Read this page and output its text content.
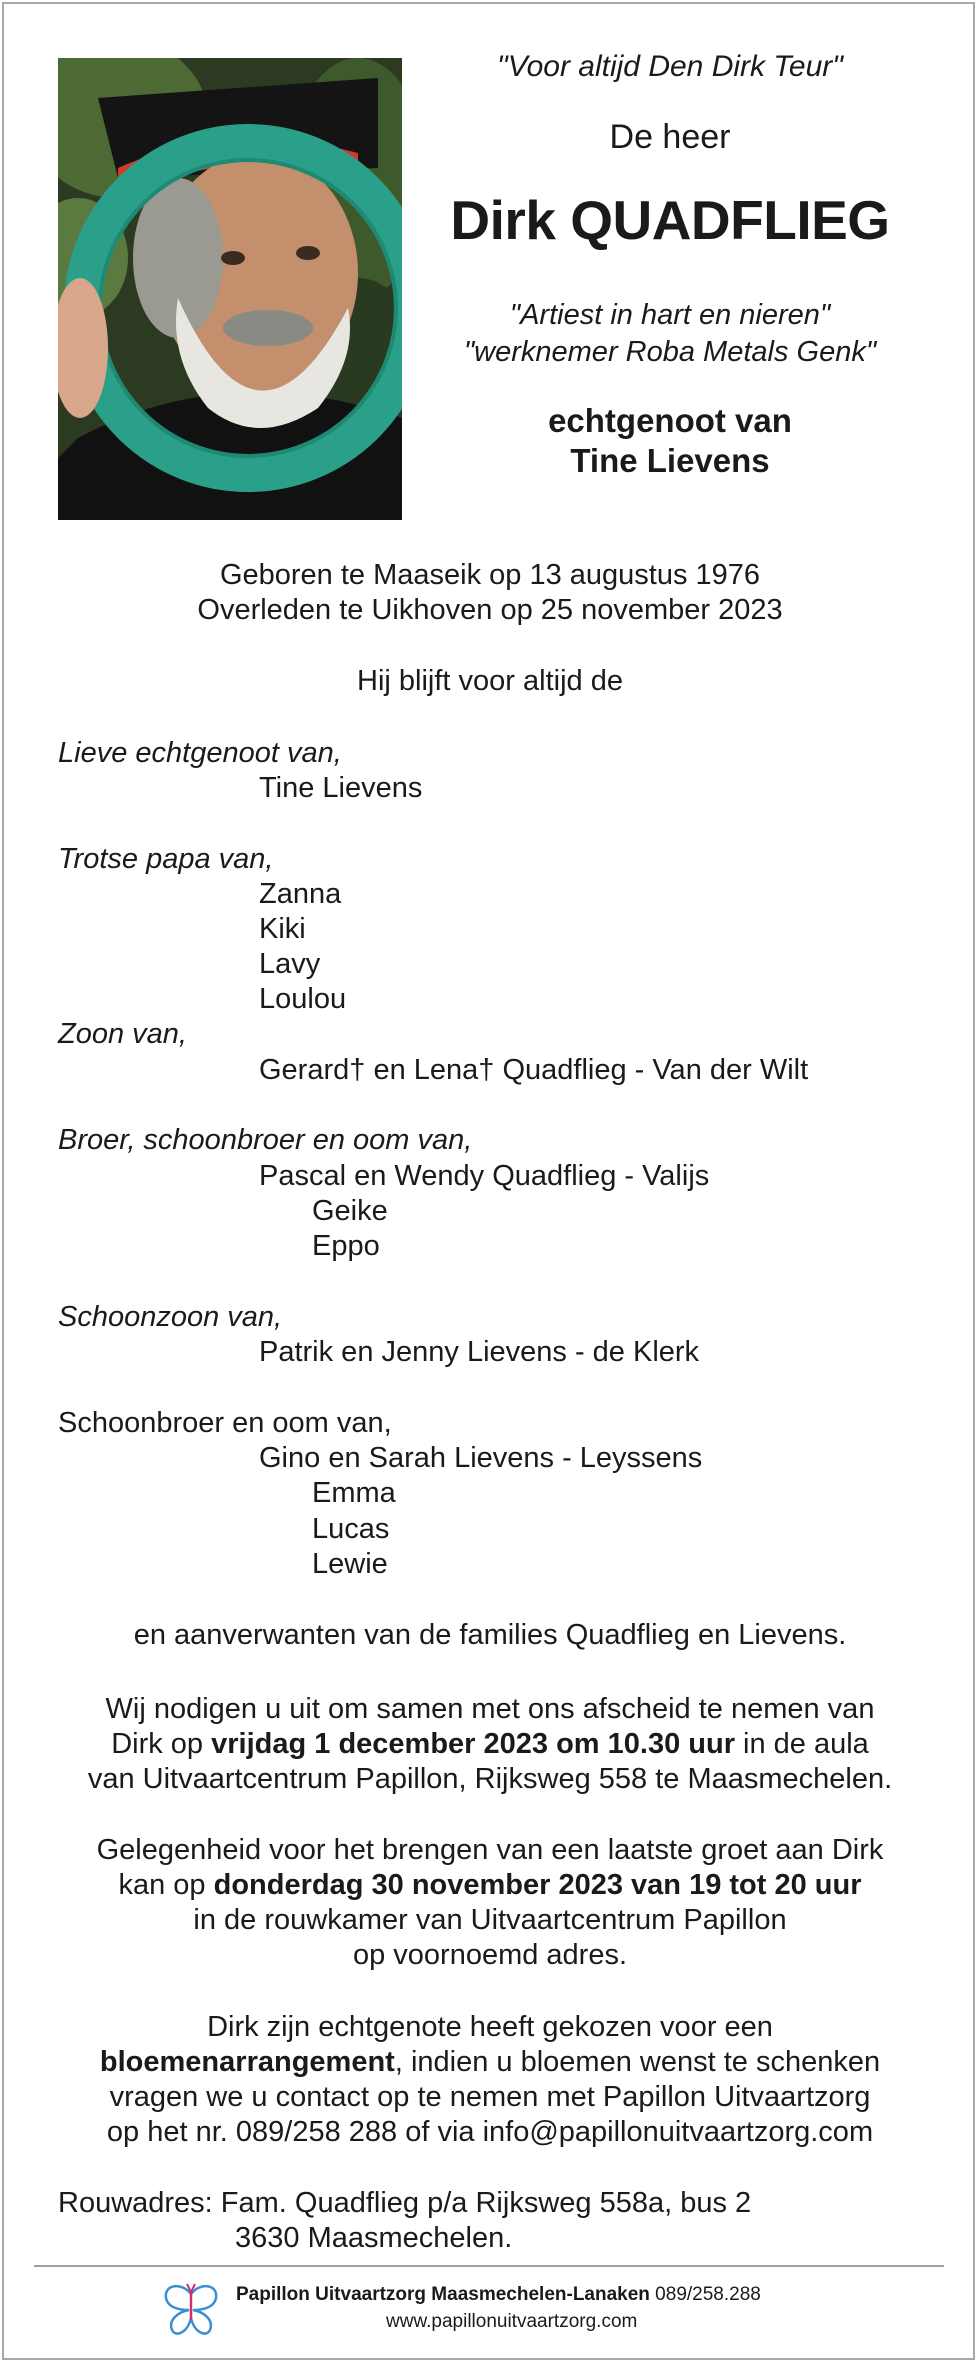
"Voor altijd Den Dirk Teur"
De heer
Dirk QUADFLIEG
"Artiest in hart en nieren"
"werknemer Roba Metals Genk"
echtgenoot van
Tine Lievens
Geboren te Maaseik op 13 augustus 1976
Overleden te Uikhoven op 25 november 2023
Hij blijft voor altijd de
Lieve echtgenoot van,
Tine Lievens
Trotse papa van,
Zanna
Kiki
Lavy
Loulou
Zoon van,
Gerard† en Lena† Quadflieg - Van der Wilt
Broer, schoonbroer en oom van,
Pascal en Wendy Quadflieg - Valijs
Geike
Eppo
Schoonzoon van,
Patrik en Jenny Lievens - de Klerk
Schoonbroer en oom van,
Gino en Sarah Lievens - Leyssens
Emma
Lucas
Lewie
en aanverwanten van de families Quadflieg en Lievens.
Wij nodigen u uit om samen met ons afscheid te nemen van
Dirk op vrijdag 1 december 2023 om 10.30 uur in de aula
van Uitvaartcentrum Papillon, Rijksweg 558 te Maasmechelen.
Gelegenheid voor het brengen van een laatste groet aan Dirk
kan op donderdag 30 november 2023 van 19 tot 20 uur
in de rouwkamer van Uitvaartcentrum Papillon
op voornoemd adres.
Dirk zijn echtgenote heeft gekozen voor een
bloemenarrangement, indien u bloemen wenst te schenken
vragen we u contact op te nemen met Papillon Uitvaartzorg
op het nr. 089/258 288 of via info@papillonuitvaartzorg.com
Rouwadres: Fam. Quadflieg p/a Rijksweg 558a, bus 2
3630 Maasmechelen.
Papillon Uitvaartzorg Maasmechelen-Lanaken 089/258.288
www.papillonuitvaartzorg.com
